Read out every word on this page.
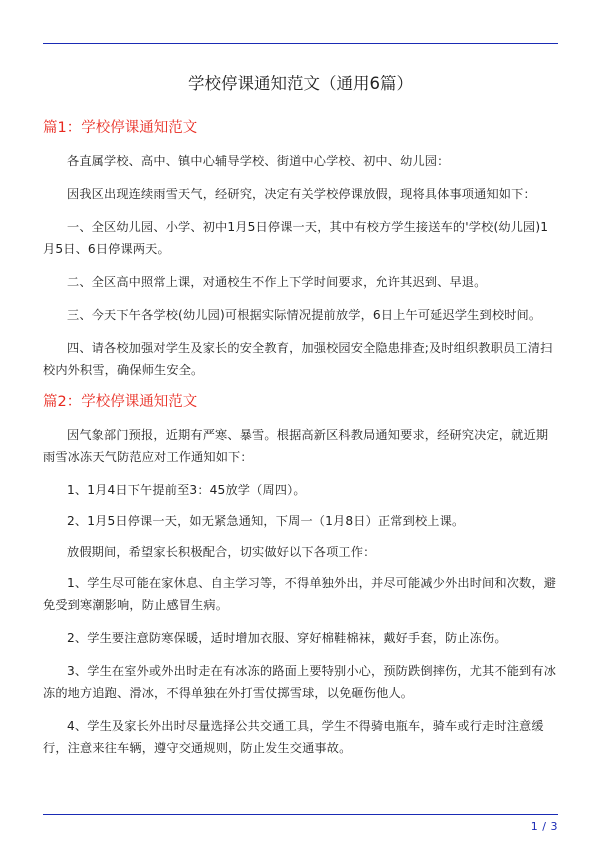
学校停课通知范文（通用6篇）
篇1：学校停课通知范文

各直属学校、高中、镇中心辅导学校、街道中心学校、初中、幼儿园：

因我区出现连续雨雪天气，经研究，决定有关学校停课放假，现将具体事项通知如下：

一、全区幼儿园、小学、初中1月5日停课一天，其中有校方学生接送车的'学校(幼儿园)1月5日、6日停课两天。

二、全区高中照常上课，对通校生不作上下学时间要求，允许其迟到、早退。

三、今天下午各学校(幼儿园)可根据实际情况提前放学，6日上午可延迟学生到校时间。

四、请各校加强对学生及家长的安全教育，加强校园安全隐患排查;及时组织教职员工清扫校内外积雪，确保师生安全。

篇2：学校停课通知范文

因气象部门预报，近期有严寒、暴雪。根据高新区科教局通知要求，经研究决定，就近期雨雪冰冻天气防范应对工作通知如下：

1、1月4日下午提前至3：45放学（周四）。

2、1月5日停课一天，如无紧急通知，下周一（1月8日）正常到校上课。

放假期间，希望家长积极配合，切实做好以下各项工作：

1、学生尽可能在家休息、自主学习等，不得单独外出，并尽可能减少外出时间和次数，避免受到寒潮影响，防止感冒生病。

2、学生要注意防寒保暖，适时增加衣服、穿好棉鞋棉袜，戴好手套，防止冻伤。

3、学生在室外或外出时走在有冰冻的路面上要特别小心，预防跌倒摔伤，尤其不能到有冰冻的地方追跑、滑冰，不得单独在外打雪仗掷雪球，以免砸伤他人。

4、学生及家长外出时尽量选择公共交通工具，学生不得骑电瓶车，骑车或行走时注意缓行，注意来往车辆，遵守交通规则，防止发生交通事故。

1 / 3
